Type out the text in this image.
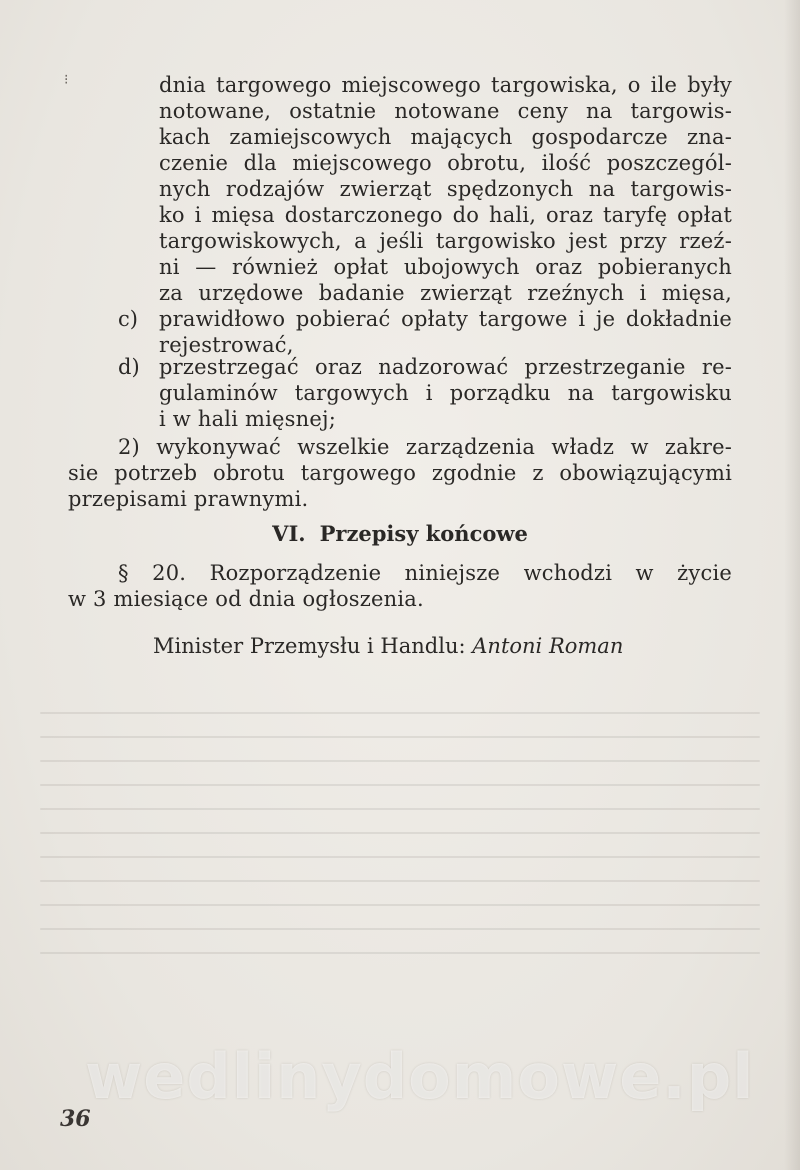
⁝	dnia targowego miejscowego targowiska, o ile były
notowane, ostatnie notowane ceny na targowis-
kach zamiejscowych mających gospodarcze zna-
czenie dla miejscowego obrotu, ilość poszczegól-
nych rodzajów zwierząt spędzonych na targowis-
ko i mięsa dostarczonego do hali, oraz taryfę opłat
targowiskowych, a jeśli targowisko jest przy rzeź-
ni — również opłat ubojowych oraz pobieranych
za urzędowe badanie zwierząt rzeźnych i mięsa,
c) prawidłowo pobierać opłaty targowe i je dokładnie
rejestrować,
d) przestrzegać oraz nadzorować przestrzeganie re-
gulaminów targowych i porządku na targowisku
i w hali mięsnej;
2) wykonywać wszelkie zarządzenia władz w zakre-
sie potrzeb obrotu targowego zgodnie z obowiązującymi
przepisami prawnymi.
VI. Przepisy końcowe
§ 20. Rozporządzenie niniejsze wchodzi w życie
w 3 miesiące od dnia ogłoszenia.
Minister Przemysłu i Handlu: Antoni Roman
wedlinydomowe.pl
36
